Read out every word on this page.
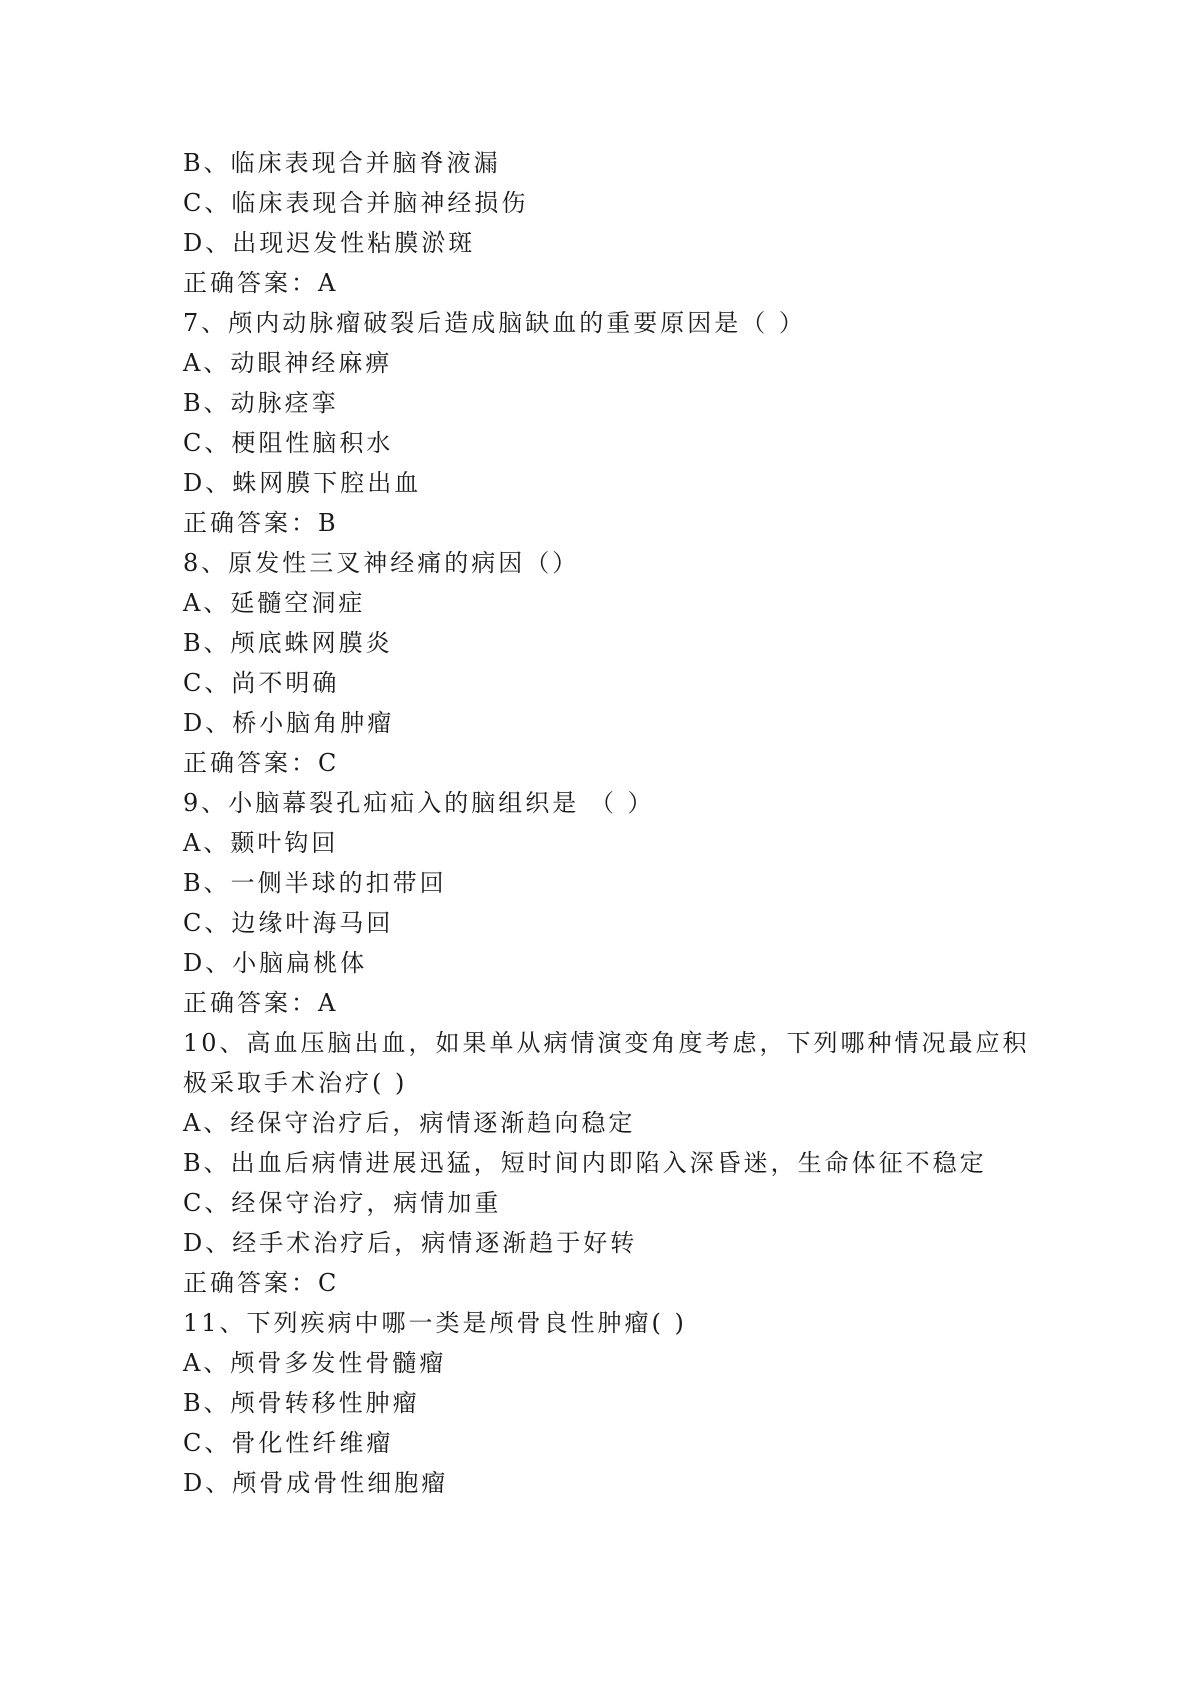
B、临床表现合并脑脊液漏
C、临床表现合并脑神经损伤
D、出现迟发性粘膜淤斑
正确答案：A
7、颅内动脉瘤破裂后造成脑缺血的重要原因是（ ）
A、动眼神经麻痹
B、动脉痉挛
C、梗阻性脑积水
D、蛛网膜下腔出血
正确答案：B
8、原发性三叉神经痛的病因（）
A、延髓空洞症
B、颅底蛛网膜炎
C、尚不明确
D、桥小脑角肿瘤
正确答案：C
9、小脑幕裂孔疝疝入的脑组织是 （ ）
A、颞叶钩回
B、一侧半球的扣带回
C、边缘叶海马回
D、小脑扁桃体
正确答案：A
10、高血压脑出血，如果单从病情演变角度考虑，下列哪种情况最应积
极采取手术治疗( )
A、经保守治疗后，病情逐渐趋向稳定
B、出血后病情进展迅猛，短时间内即陷入深昏迷，生命体征不稳定
C、经保守治疗，病情加重
D、经手术治疗后，病情逐渐趋于好转
正确答案：C
11、下列疾病中哪一类是颅骨良性肿瘤( )
A、颅骨多发性骨髓瘤
B、颅骨转移性肿瘤
C、骨化性纤维瘤
D、颅骨成骨性细胞瘤
